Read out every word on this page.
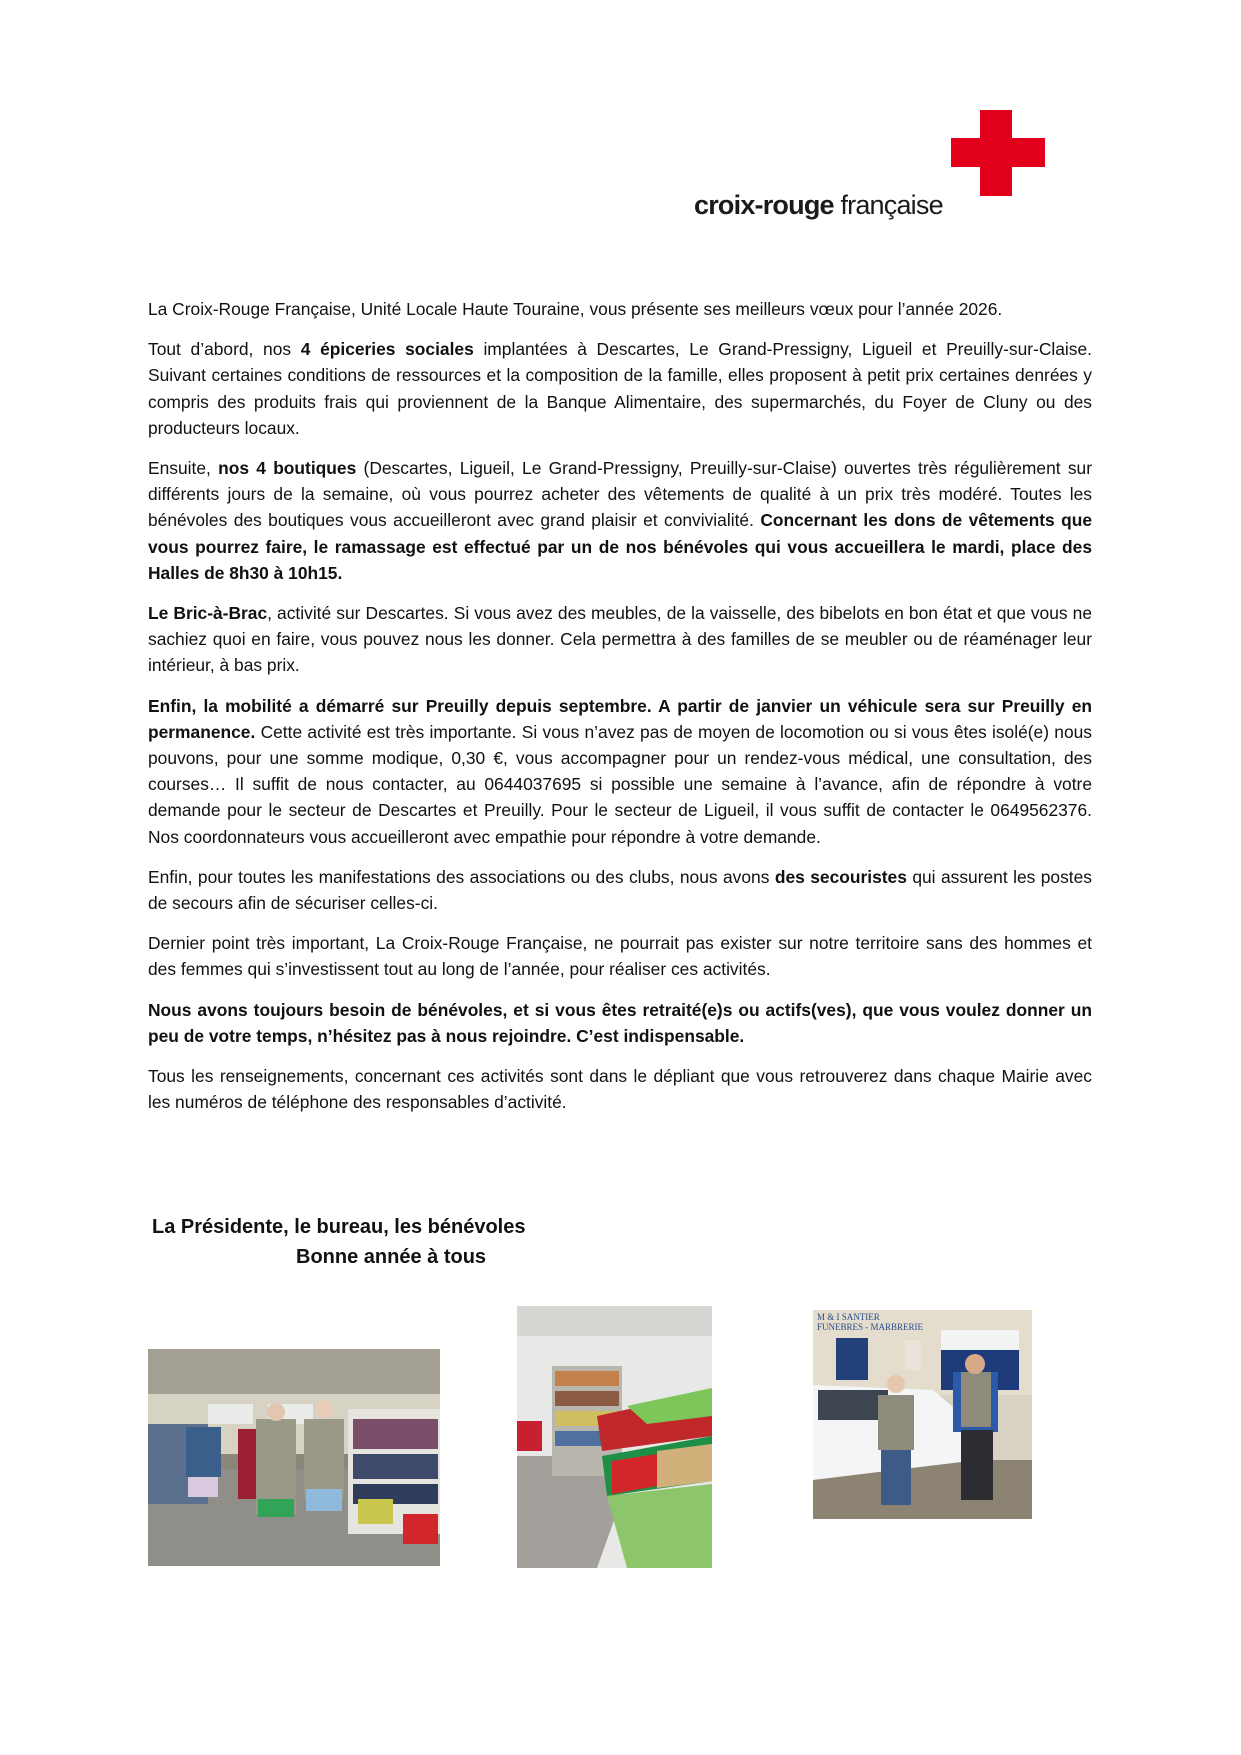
croix-rouge française

La Croix-Rouge Française, Unité Locale Haute Touraine, vous présente ses meilleurs vœux pour l’année 2026.

Tout d’abord, nos 4 épiceries sociales implantées à Descartes, Le Grand-Pressigny, Ligueil et Preuilly-sur-Claise. Suivant certaines conditions de ressources et la composition de la famille, elles proposent à petit prix certaines denrées y compris des produits frais qui proviennent de la Banque Alimentaire, des supermarchés, du Foyer de Cluny ou des producteurs locaux.

Ensuite, nos 4 boutiques (Descartes, Ligueil, Le Grand-Pressigny, Preuilly-sur-Claise) ouvertes très régulièrement sur différents jours de la semaine, où vous pourrez acheter des vêtements de qualité à un prix très modéré. Toutes les bénévoles des boutiques vous accueilleront avec grand plaisir et convivialité. Concernant les dons de vêtements que vous pourrez faire, le ramassage est effectué par un de nos bénévoles qui vous accueillera le mardi, place des Halles de 8h30 à 10h15.

Le Bric-à-Brac, activité sur Descartes. Si vous avez des meubles, de la vaisselle, des bibelots en bon état et que vous ne sachiez quoi en faire, vous pouvez nous les donner. Cela permettra à des familles de se meubler ou de réaménager leur intérieur, à bas prix.

Enfin, la mobilité a démarré sur Preuilly depuis septembre. A partir de janvier un véhicule sera sur Preuilly en permanence. Cette activité est très importante. Si vous n’avez pas de moyen de locomotion ou si vous êtes isolé(e) nous pouvons, pour une somme modique, 0,30 €, vous accompagner pour un rendez-vous médical, une consultation, des courses… Il suffit de nous contacter, au 0644037695 si possible une semaine à l’avance, afin de répondre à votre demande pour le secteur de Descartes et Preuilly. Pour le secteur de Ligueil, il vous suffit de contacter le 0649562376. Nos coordonnateurs vous accueilleront avec empathie pour répondre à votre demande.

Enfin, pour toutes les manifestations des associations ou des clubs, nous avons des secouristes qui assurent les postes de secours afin de sécuriser celles-ci.

Dernier point très important, La Croix-Rouge Française, ne pourrait pas exister sur notre territoire sans des hommes et des femmes qui s’investissent tout au long de l’année, pour réaliser ces activités.

Nous avons toujours besoin de bénévoles, et si vous êtes retraité(e)s ou actifs(ves), que vous voulez donner un peu de votre temps, n’hésitez pas à nous rejoindre. C’est indispensable.

Tous les renseignements, concernant ces activités sont dans le dépliant que vous retrouverez dans chaque Mairie avec les numéros de téléphone des responsables d’activité.

La Présidente, le bureau, les bénévoles
Bonne année à tous
M & I SANTIER
FUNEBRES - MARBRERIE
